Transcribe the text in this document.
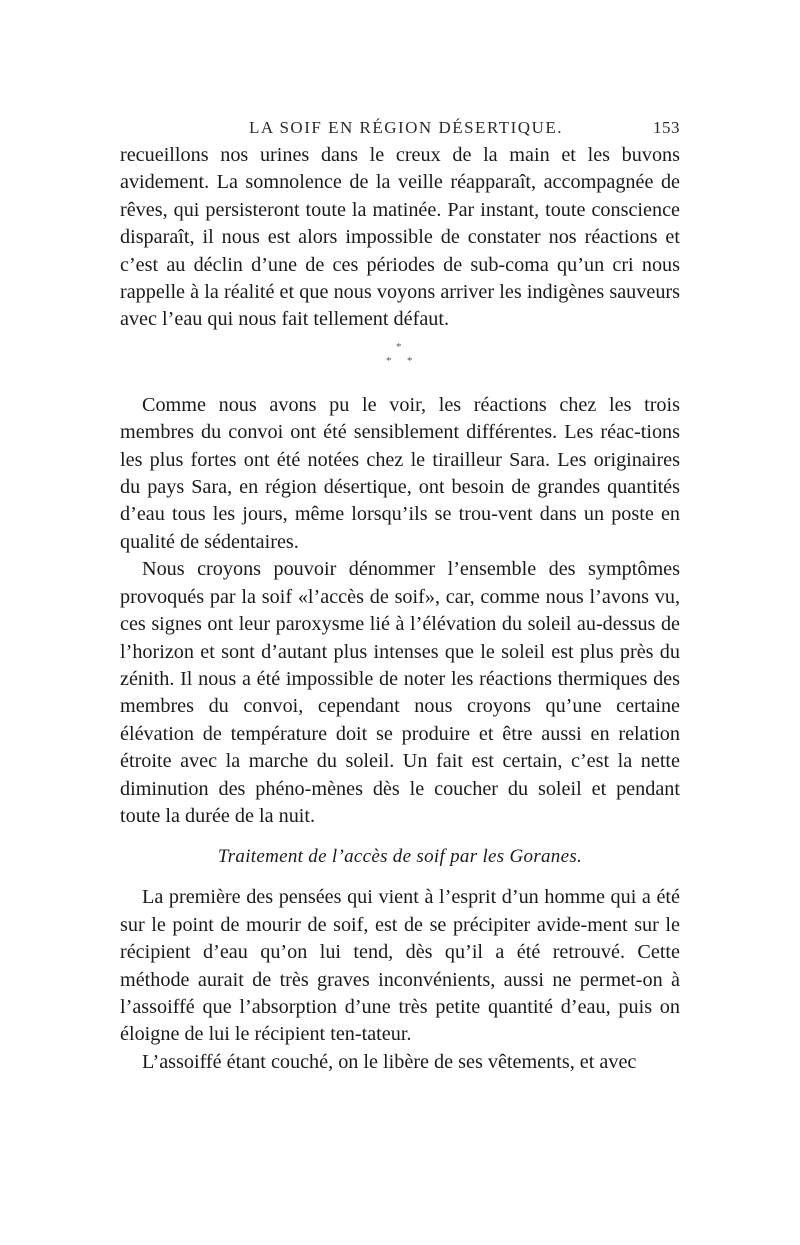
LA SOIF EN RÉGION DÉSERTIQUE.	153

recueillons nos urines dans le creux de la main et les buvons avidement. La somnolence de la veille réapparaît, accompagnée de rêves, qui persisteront toute la matinée. Par instant, toute conscience disparaît, il nous est alors impossible de constater nos réactions et c’est au déclin d’une de ces périodes de sub-coma qu’un cri nous rappelle à la réalité et que nous voyons arriver les indigènes sauveurs avec l’eau qui nous fait tellement défaut.

*
* *

Comme nous avons pu le voir, les réactions chez les trois membres du convoi ont été sensiblement différentes. Les réac-tions les plus fortes ont été notées chez le tirailleur Sara. Les originaires du pays Sara, en région désertique, ont besoin de grandes quantités d’eau tous les jours, même lorsqu’ils se trou-vent dans un poste en qualité de sédentaires.

Nous croyons pouvoir dénommer l’ensemble des symptômes provoqués par la soif «l’accès de soif», car, comme nous l’avons vu, ces signes ont leur paroxysme lié à l’élévation du soleil au-dessus de l’horizon et sont d’autant plus intenses que le soleil est plus près du zénith. Il nous a été impossible de noter les réactions thermiques des membres du convoi, cependant nous croyons qu’une certaine élévation de température doit se produire et être aussi en relation étroite avec la marche du soleil. Un fait est certain, c’est la nette diminution des phéno-mènes dès le coucher du soleil et pendant toute la durée de la nuit.

Traitement de l’accès de soif par les Goranes.

La première des pensées qui vient à l’esprit d’un homme qui a été sur le point de mourir de soif, est de se précipiter avide-ment sur le récipient d’eau qu’on lui tend, dès qu’il a été retrouvé. Cette méthode aurait de très graves inconvénients, aussi ne permet-on à l’assoiffé que l’absorption d’une très petite quantité d’eau, puis on éloigne de lui le récipient ten-tateur.

L’assoiffé étant couché, on le libère de ses vêtements, et avec
